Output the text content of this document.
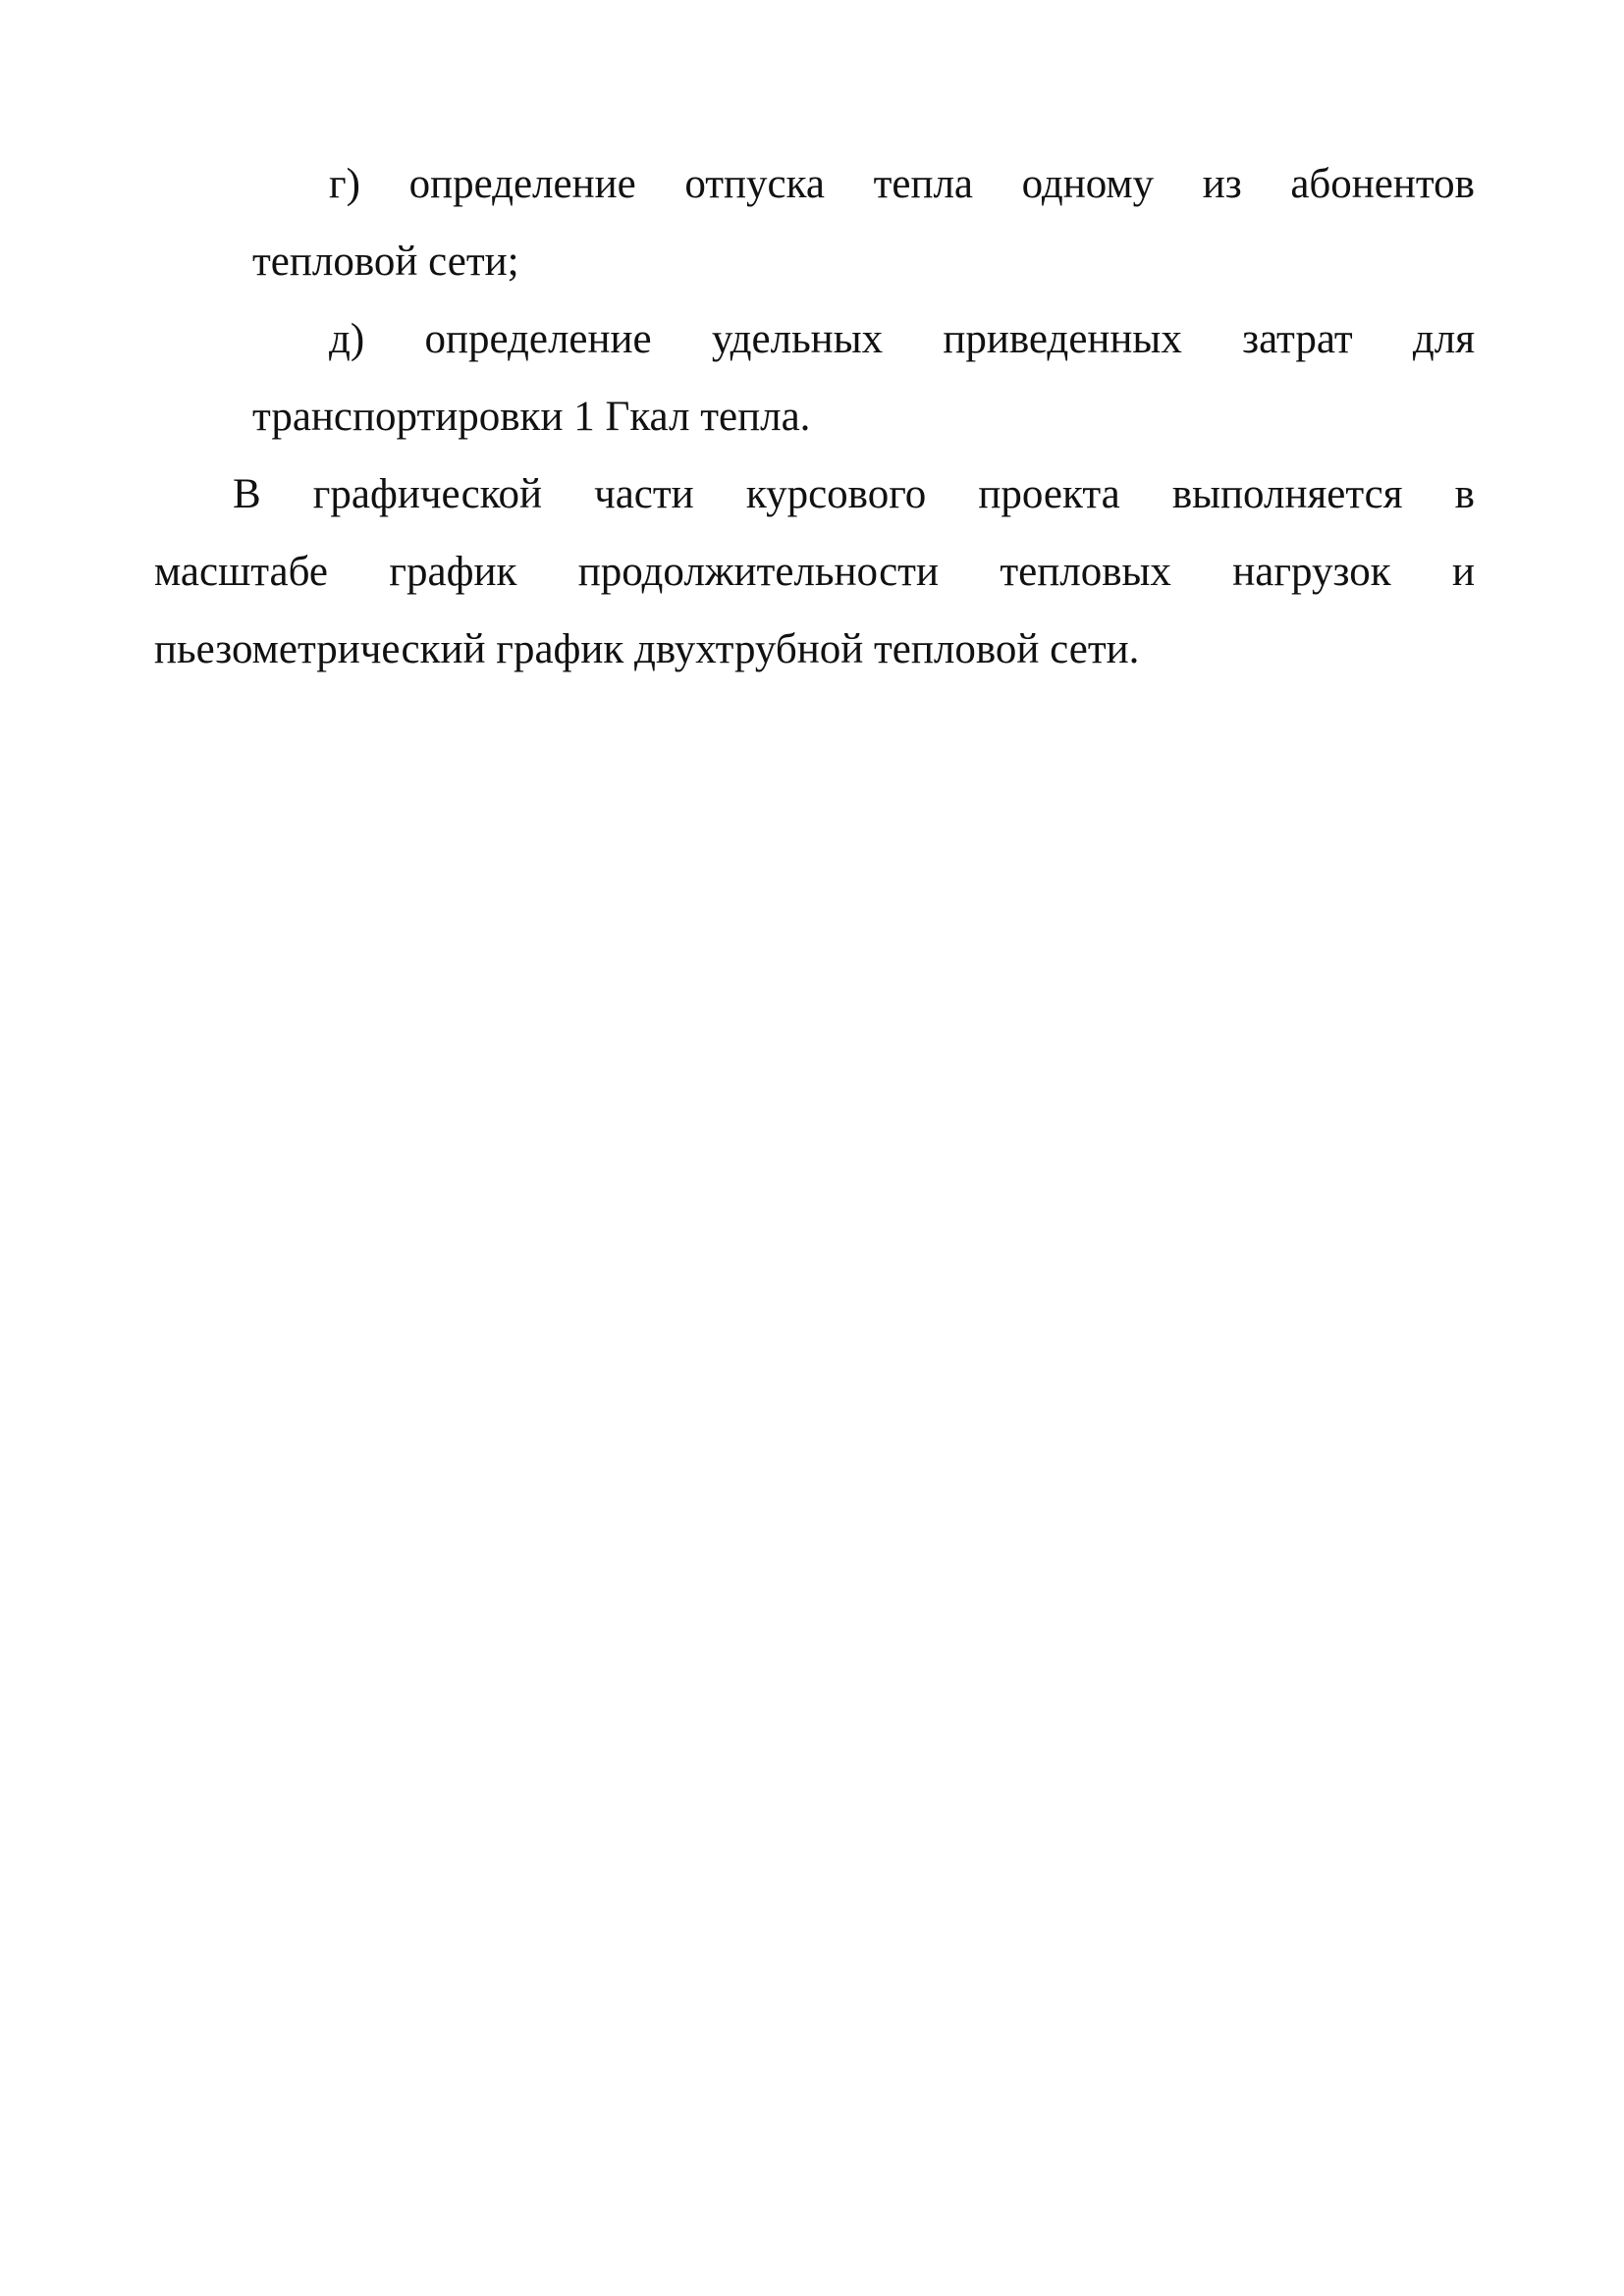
г) определение отпуска тепла одному из абонентов
тепловой сети;
д) определение удельных приведенных затрат для
транспортировки 1 Гкал тепла.
В графической части курсового проекта выполняется в
масштабе график продолжительности тепловых нагрузок и
пьезометрический график двухтрубной тепловой сети.
